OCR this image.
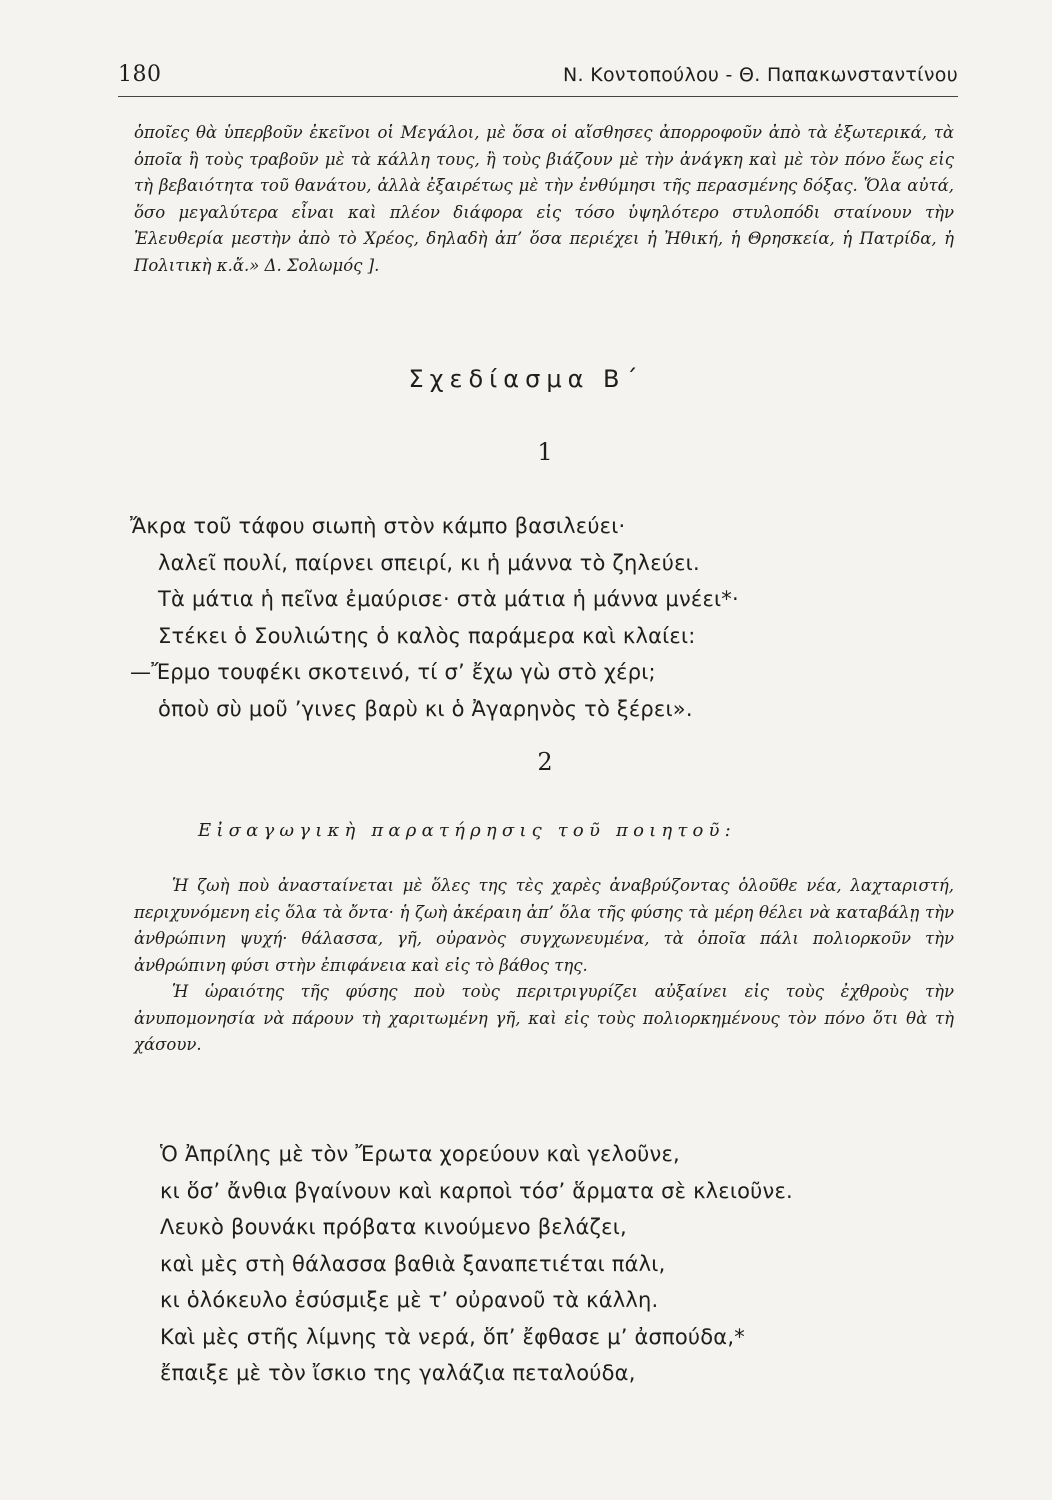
180	Ν. Κοντοπούλου - Θ. Παπακωνσταντίνου

ὁποῖες θὰ ὑπερβοῦν ἐκεῖνοι οἱ Μεγάλοι, μὲ ὅσα οἱ αἴσθησες ἀπορροφοῦν ἀπὸ τὰ ἐξωτερικά, τὰ ὁποῖα ἢ τοὺς τραβοῦν μὲ τὰ κάλλη τους, ἢ τοὺς βιάζουν μὲ τὴν ἀνάγκη καὶ μὲ τὸν πόνο ἕως εἰς τὴ βεβαιότητα τοῦ θανάτου, ἀλλὰ ἐξαιρέτως μὲ τὴν ἐνθύμησι τῆς περασμένης δόξας. Ὅλα αὐτά, ὅσο μεγαλύτερα εἶναι καὶ πλέον διάφορα εἰς τόσο ὑψηλότερο στυλοπόδι σταίνουν τὴν Ἐλευθερία μεστὴν ἀπὸ τὸ Χρέος, δηλαδὴ ἀπ’ ὅσα περιέχει ἡ Ἠθική, ἡ Θρησκεία, ἡ Πατρίδα, ἡ Πολιτικὴ κ.ἄ.» Δ. Σολωμός ].

Σχεδίασμα Β΄
1
Ἄκρα τοῦ τάφου σιωπὴ στὸν κάμπο βασιλεύει·
λαλεῖ πουλί, παίρνει σπειρί, κι ἡ μάννα τὸ ζηλεύει.
Τὰ μάτια ἡ πεῖνα ἐμαύρισε· στὰ μάτια ἡ μάννα μνέει*·
Στέκει ὁ Σουλιώτης ὁ καλὸς παράμερα καὶ κλαίει:
—Ἔρμο τουφέκι σκοτεινό, τί σ’ ἔχω γὼ στὸ χέρι;
ὁποὺ σὺ μοῦ ’γινες βαρὺ κι ὁ Ἀγαρηνὸς τὸ ξέρει».
2
Εἰσαγωγικὴ παρατήρησις τοῦ ποιητοῦ:

Ἡ ζωὴ ποὺ ἀνασταίνεται μὲ ὅλες της τὲς χαρὲς ἀναβρύζοντας ὁλοῦθε νέα, λαχταριστή, περιχυνόμενη εἰς ὅλα τὰ ὄντα· ἡ ζωὴ ἀκέραιη ἀπ’ ὅλα τῆς φύσης τὰ μέρη θέλει νὰ καταβάλῃ τὴν ἀνθρώπινη ψυχή· θάλασσα, γῆ, οὐρανὸς συγχωνευμένα, τὰ ὁποῖα πάλι πολιορκοῦν τὴν ἀνθρώπινη φύσι στὴν ἐπιφάνεια καὶ εἰς τὸ βάθος της.

Ἡ ὡραιότης τῆς φύσης ποὺ τοὺς περιτριγυρίζει αὐξαίνει εἰς τοὺς ἐχθροὺς τὴν ἀνυπομονησία νὰ πάρουν τὴ χαριτωμένη γῆ, καὶ εἰς τοὺς πολιορκημένους τὸν πόνο ὅτι θὰ τὴ χάσουν.

Ὁ Ἀπρίλης μὲ τὸν Ἔρωτα χορεύουν καὶ γελοῦνε,
κι ὅσ’ ἄνθια βγαίνουν καὶ καρποὶ τόσ’ ἅρματα σὲ κλειοῦνε.
Λευκὸ βουνάκι πρόβατα κινούμενο βελάζει,
καὶ μὲς στὴ θάλασσα βαθιὰ ξαναπετιέται πάλι,
κι ὁλόκευλο ἐσύσμιξε μὲ τ’ οὐρανοῦ τὰ κάλλη.
Καὶ μὲς στῆς λίμνης τὰ νερά, ὅπ’ ἔφθασε μ’ ἀσπούδα,*
ἔπαιξε μὲ τὸν ἴσκιο της γαλάζια πεταλούδα,
